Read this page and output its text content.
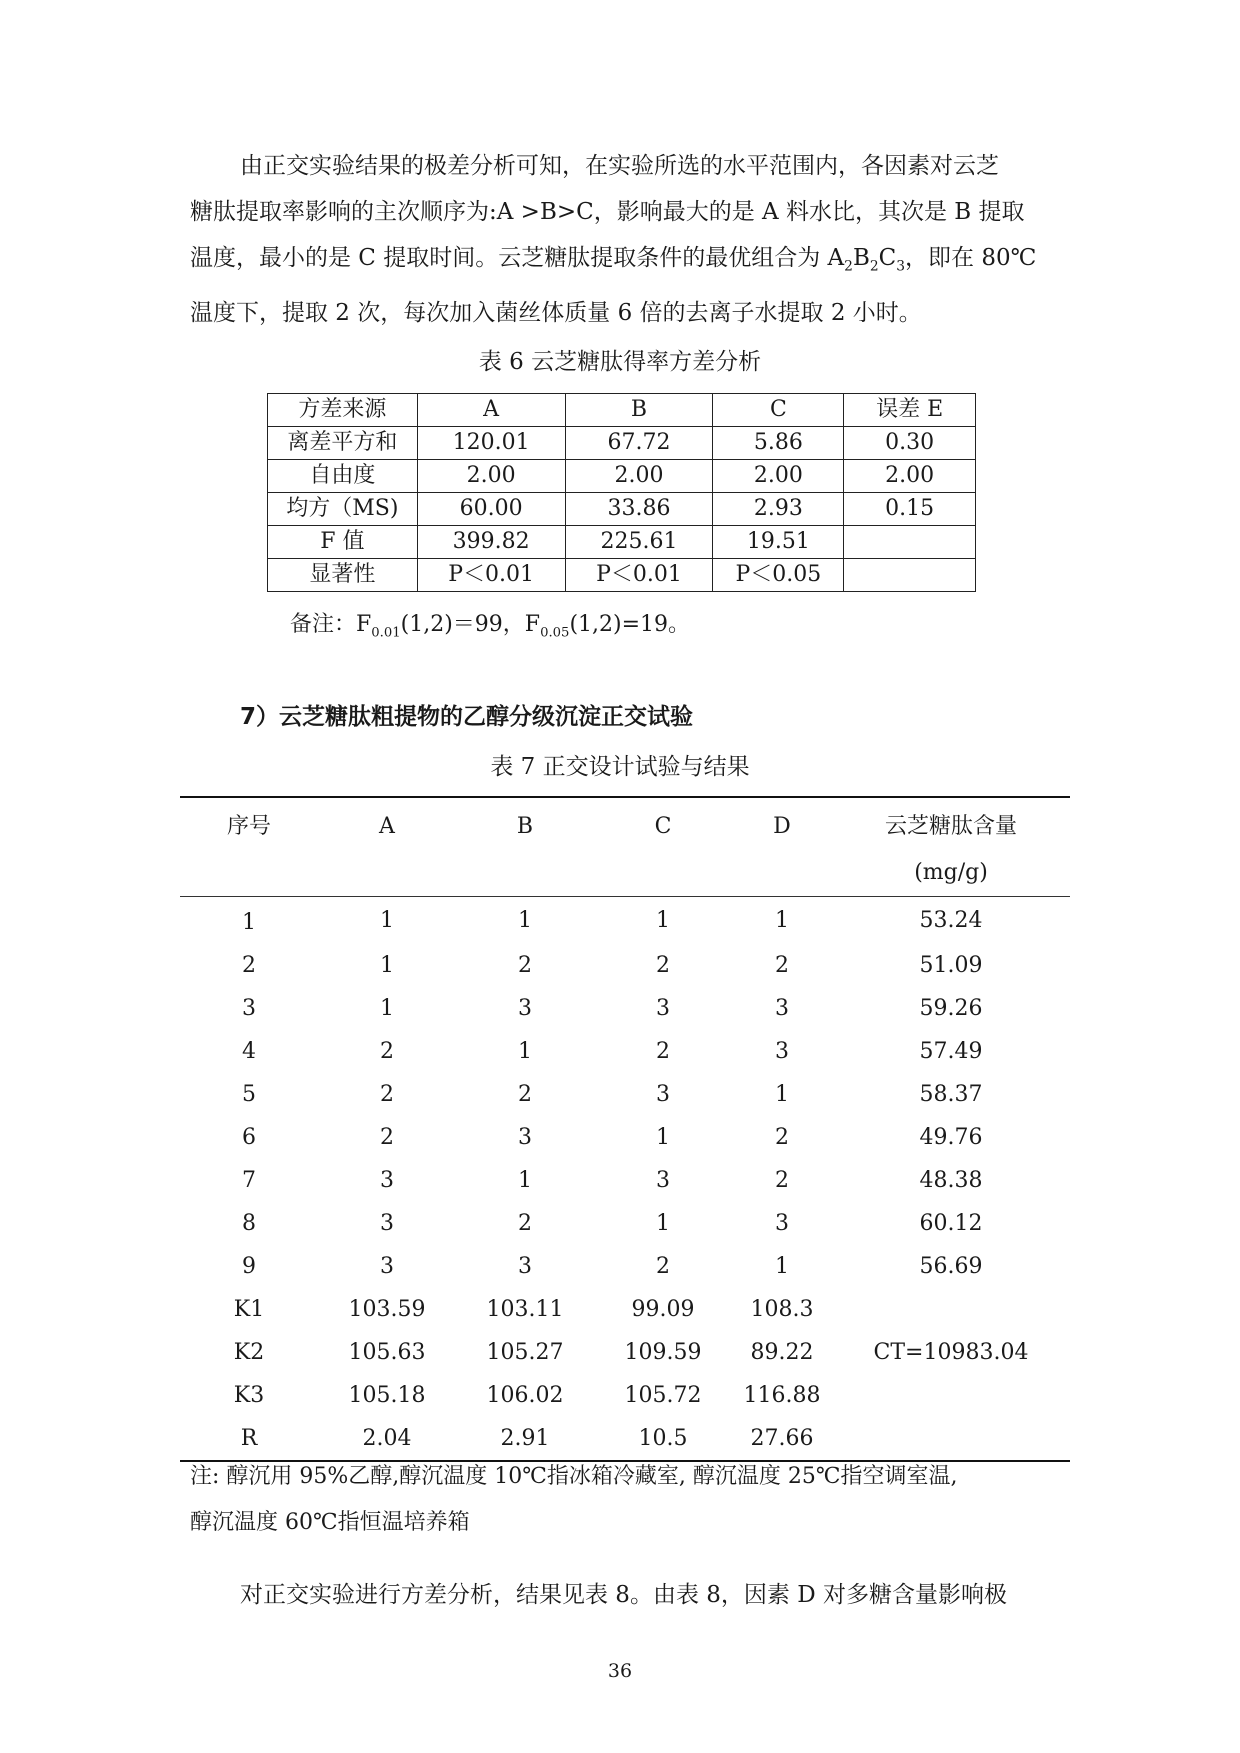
由正交实验结果的极差分析可知，在实验所选的水平范围内，各因素对云芝
糖肽提取率影响的主次顺序为:A >B>C，影响最大的是 A 料水比，其次是 B 提取
温度，最小的是 C 提取时间。云芝糖肽提取条件的最优组合为 $A_2B_2C_3$，即在 80℃
温度下，提取 2 次，每次加入菌丝体质量 6 倍的去离子水提取 2 小时。
表 6 云芝糖肽得率方差分析
方差来源	A	B	C	误差 E
离差平方和	120.01	67.72	5.86	0.30
自由度	2.00	2.00	2.00	2.00
均方（MS)	60.00	33.86	2.93	0.15
F 值	399.82	225.61	19.51	
显著性	P＜0.01	P＜0.01	P＜0.05	
备注：$F_{0.01}(1,2)=99$，$F_{0.05}(1,2)=19$。
7）云芝糖肽粗提物的乙醇分级沉淀正交试验
表 7 正交设计试验与结果
序号	A	B	C	D	云芝糖肽含量
(mg/g)

1	1	1	1	1	53.24
2	1	2	2	2	51.09
3	1	3	3	3	59.26
4	2	1	2	3	57.49
5	2	2	3	1	58.37
6	2	3	1	2	49.76
7	3	1	3	2	48.38
8	3	2	1	3	60.12
9	3	3	2	1	56.69
K1	103.59	103.11	99.09	108.3	
K2	105.63	105.27	109.59	89.22	CT=10983.04
K3	105.18	106.02	105.72	116.88	
R	2.04	2.91	10.5	27.66	
注: 醇沉用 95%乙醇,醇沉温度 10℃指冰箱冷藏室, 醇沉温度 25℃指空调室温,
醇沉温度 60℃指恒温培养箱
对正交实验进行方差分析，结果见表 8。由表 8，因素 D 对多糖含量影响极
36
